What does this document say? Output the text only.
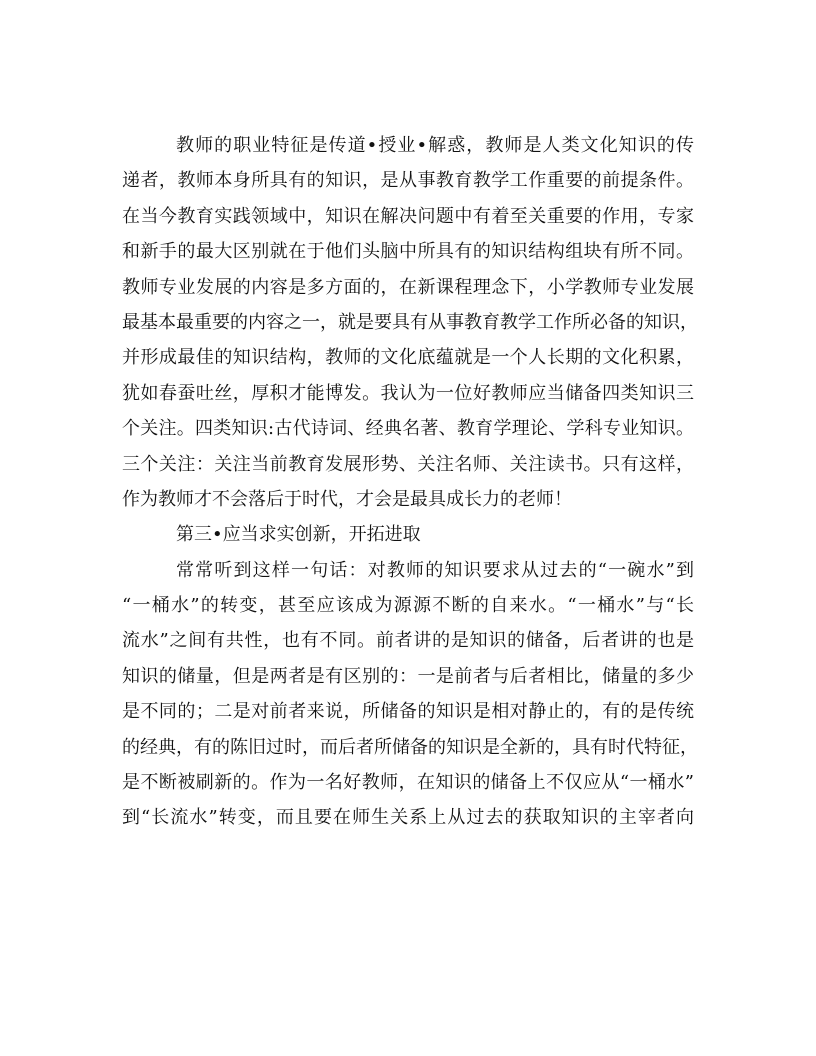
教师的职业特征是传道•授业•解惑，教师是人类文化知识的传
递者，教师本身所具有的知识，是从事教育教学工作重要的前提条件。
在当今教育实践领域中，知识在解决问题中有着至关重要的作用，专家
和新手的最大区别就在于他们头脑中所具有的知识结构组块有所不同。
教师专业发展的内容是多方面的，在新课程理念下，小学教师专业发展
最基本最重要的内容之一，就是要具有从事教育教学工作所必备的知识，
并形成最佳的知识结构，教师的文化底蕴就是一个人长期的文化积累，
犹如春蚕吐丝，厚积才能博发。我认为一位好教师应当储备四类知识三
个关注。四类知识:古代诗词、经典名著、教育学理论、学科专业知识。
三个关注：关注当前教育发展形势、关注名师、关注读书。只有这样，
作为教师才不会落后于时代，才会是最具成长力的老师！
第三•应当求实创新，开拓进取
常常听到这样一句话：对教师的知识要求从过去的“一碗水”到
“一桶水”的转变，甚至应该成为源源不断的自来水。“一桶水”与“长
流水”之间有共性，也有不同。前者讲的是知识的储备，后者讲的也是
知识的储量，但是两者是有区别的：一是前者与后者相比，储量的多少
是不同的；二是对前者来说，所储备的知识是相对静止的，有的是传统
的经典，有的陈旧过时，而后者所储备的知识是全新的，具有时代特征，
是不断被刷新的。作为一名好教师，在知识的储备上不仅应从“一桶水”
到“长流水”转变，而且要在师生关系上从过去的获取知识的主宰者向
